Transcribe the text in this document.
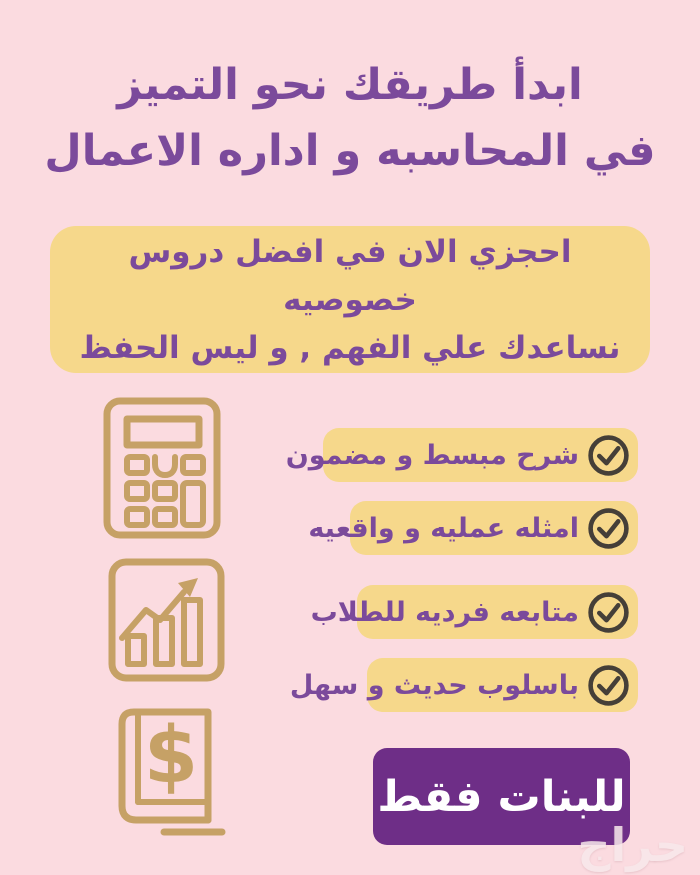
ابدأ طريقك نحو التميز
في المحاسبه و اداره الاعمال
احجزي الان في افضل دروس خصوصيه
نساعدك علي الفهم , و ليس الحفظ
$
شرح مبسط و مضمون
امثله عمليه و واقعيه
متابعه فرديه للطلاب
باسلوب حديث و سهل
للبنات فقط
حراج
